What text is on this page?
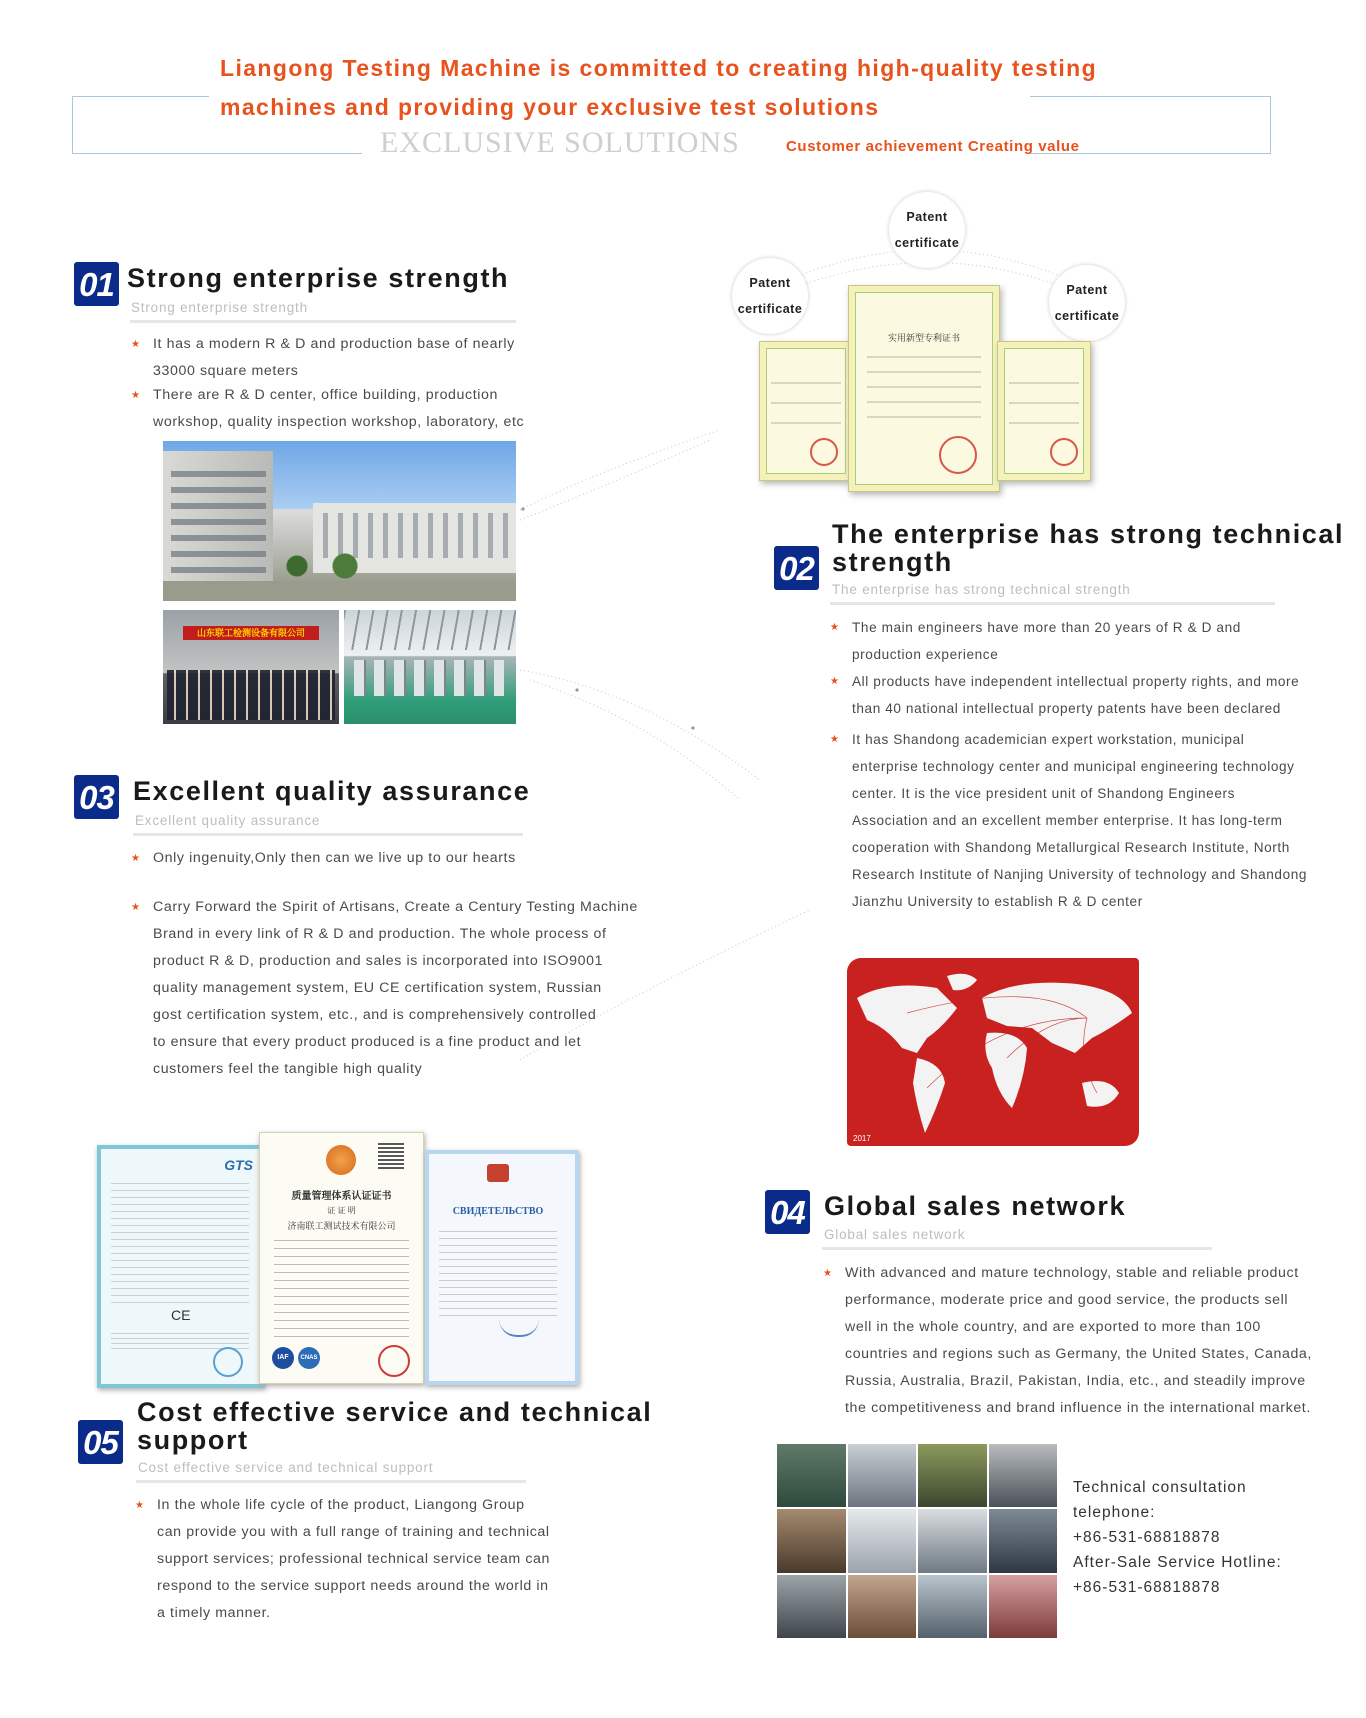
Liangong Testing Machine is committed to creating high-quality testing
machines and providing your exclusive test solutions
EXCLUSIVE SOLUTIONS	Customer achievement Creating value
01 Strong enterprise strength
Strong enterprise strength
★ It has a modern R & D and production base of nearly
33000 square meters
★ There are R & D center, office building, production
workshop, quality inspection workshop, laboratory, etc
山东联工检测设备有限公司
Patent
certificate
Patent
certificate
Patent
certificate
实用新型专利证书
02
The enterprise has strong technical
strength
The enterprise has strong technical strength
★ The main engineers have more than 20 years of R & D and
production experience
★ All products have independent intellectual property rights, and more
than 40 national intellectual property patents have been declared
★ It has Shandong academician expert workstation, municipal
enterprise technology center and municipal engineering technology
center. It is the vice president unit of Shandong Engineers
Association and an excellent member enterprise. It has long-term
cooperation with Shandong Metallurgical Research Institute, North
Research Institute of Nanjing University of technology and Shandong
Jianzhu University to establish R & D center
2017
03 Excellent quality assurance
Excellent quality assurance
★ Only ingenuity,Only then can we live up to our hearts
★ Carry Forward the Spirit of Artisans, Create a Century Testing Machine
Brand in every link of R & D and production. The whole process of
product R & D, production and sales is incorporated into ISO9001
quality management system, EU CE certification system, Russian
gost certification system, etc., and is comprehensively controlled
to ensure that every product produced is a fine product and let
customers feel the tangible high quality
GTS
CE
质量管理体系认证证书
证 证 明
济南联工测试技术有限公司
IAF	CNAS
СВИДЕТЕЛЬСТВО	04 Global sales network
Global sales network
★ With advanced and mature technology, stable and reliable product
performance, moderate price and good service, the products sell
well in the whole country, and are exported to more than 100
countries and regions such as Germany, the United States, Canada,
Russia, Australia, Brazil, Pakistan, India, etc., and steadily improve
the competitiveness and brand influence in the international market.
05
Cost effective service and technical
support
Cost effective service and technical support
★ In the whole life cycle of the product, Liangong Group
can provide you with a full range of training and technical
support services; professional technical service team can
respond to the service support needs around the world in
a timely manner.
Technical consultation
telephone:
+86-531-68818878
After-Sale Service Hotline:
+86-531-68818878
